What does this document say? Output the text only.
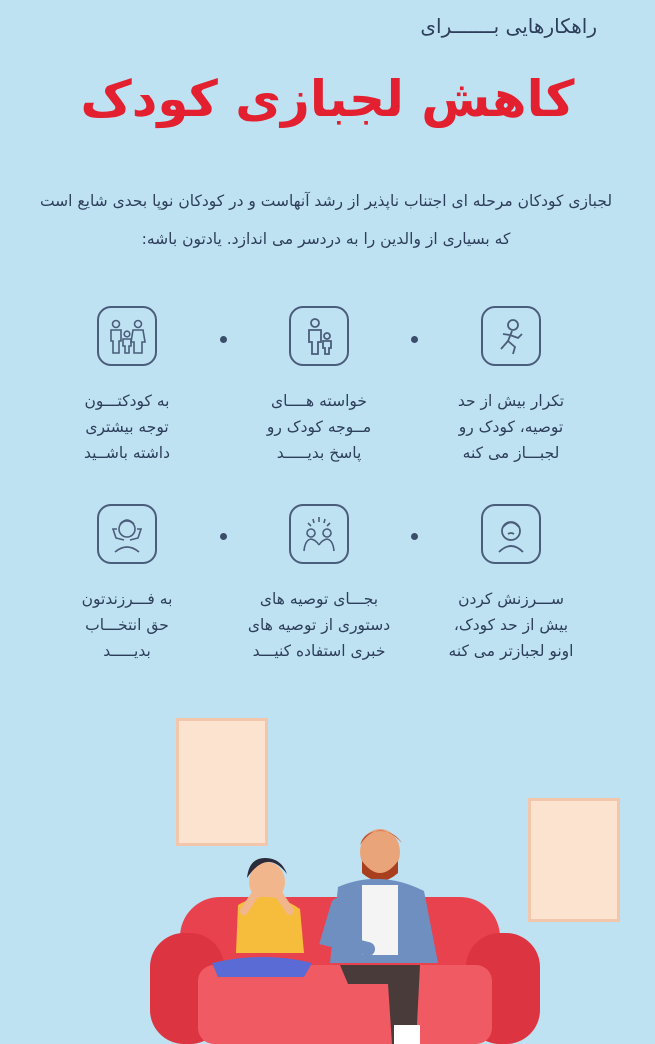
راهکارهایی بـــــــرای
کاهش لجبازی کودک
لجبازی کودکان مرحله ای اجتناب ناپذیر از رشد آنهاست و در کودکان نوپا بحدی شایع است که بسیاری از والدین را به دردسر می اندازد. یادتون باشه:
تکرار بیش از حد
توصیه، کودک رو
لجبـــاز می کنه
خواسته هــــای
مــوجه کودک رو
پاسخ بدیـــــد
به کودکتـــون
توجه بیشتری
داشته باشــید
ســـرزنش کردن
بیش از حد کودک،
اونو لجبازتر می کنه
بجـــای توصیه های
دستوری از توصیه های
خبری استفاده کنیـــد
به فـــرزندتون
حق انتخـــاب
بدیـــــد
